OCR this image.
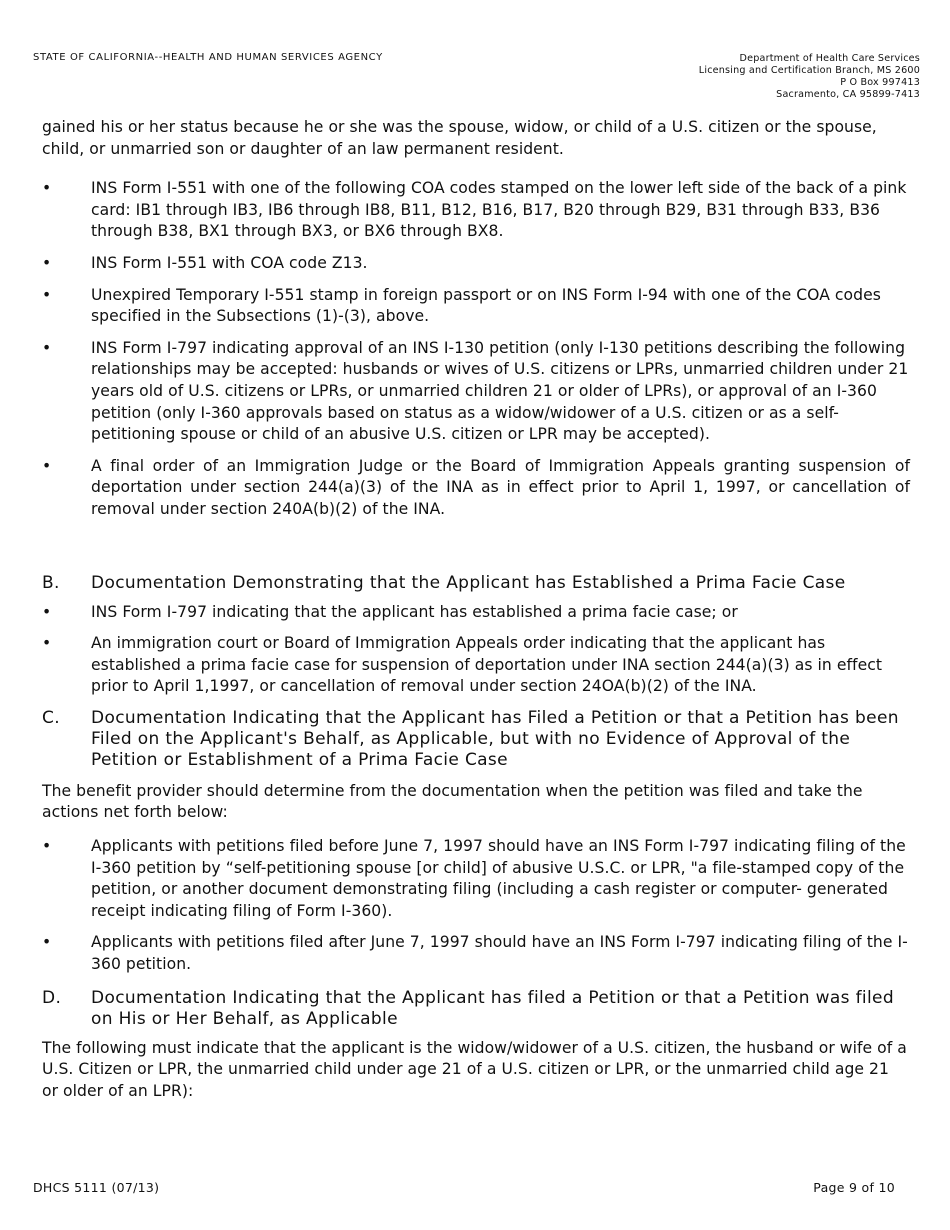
STATE OF CALIFORNIA--HEALTH AND HUMAN SERVICES AGENCY	Department of Health Care Services
Licensing and Certification Branch, MS 2600
P O Box 997413
Sacramento, CA 95899-7413

gained his or her status because he or she was the spouse, widow, or child of a U.S. citizen or the spouse, child, or unmarried son or daughter of an law permanent resident.

•	INS Form I-551 with one of the following COA codes stamped on the lower left side of the back of a pink card: IB1 through IB3, IB6 through IB8, B11, B12, B16, B17, B20 through B29, B31 through B33, B36 through B38, BX1 through BX3, or BX6 through BX8.
•	INS Form I-551 with COA code Z13.
•	Unexpired Temporary I-551 stamp in foreign passport or on INS Form I-94 with one of the COA codes specified in the Subsections (1)-(3), above.
•	INS Form I-797 indicating approval of an INS I-130 petition (only I-130 petitions describing the following relationships may be accepted: husbands or wives of U.S. citizens or LPRs, unmarried children under 21 years old of U.S. citizens or LPRs, or unmarried children 21 or older of LPRs), or approval of an I-360 petition (only I-360 approvals based on status as a widow/widower of a U.S. citizen or as a self-petitioning spouse or child of an abusive U.S. citizen or LPR may be accepted).
•	A final order of an Immigration Judge or the Board of Immigration Appeals granting suspension of deportation under section 244(a)(3) of the INA as in effect prior to April 1, 1997, or cancellation of removal under section 240A(b)(2) of the INA.
B.	Documentation Demonstrating that the Applicant has Established a Prima Facie Case
•	INS Form I-797 indicating that the applicant has established a prima facie case; or
•	An immigration court or Board of Immigration Appeals order indicating that the applicant has established a prima facie case for suspension of deportation under INA section 244(a)(3) as in effect prior to April 1,1997, or cancellation of removal under section 24OA(b)(2) of the INA.
C.	Documentation Indicating that the Applicant has Filed a Petition or that a Petition has been Filed on the Applicant's Behalf, as Applicable, but with no Evidence of Approval of the Petition or Establishment of a Prima Facie Case

The benefit provider should determine from the documentation when the petition was filed and take the actions net forth below:

•	Applicants with petitions filed before June 7, 1997 should have an INS Form I-797 indicating filing of the I-360 petition by “self-petitioning spouse [or child] of abusive U.S.C. or LPR, "a file-stamped copy of the petition, or another document demonstrating filing (including a cash register or computer- generated receipt indicating filing of Form I-360).
•	Applicants with petitions filed after June 7, 1997 should have an INS Form I-797 indicating filing of the I-360 petition.
D.	Documentation Indicating that the Applicant has filed a Petition or that a Petition was filed on His or Her Behalf, as Applicable

The following must indicate that the applicant is the widow/widower of a U.S. citizen, the husband or wife of a U.S. Citizen or LPR, the unmarried child under age 21 of a U.S. citizen or LPR, or the unmarried child age 21 or older of an LPR):

DHCS 5111 (07/13)	Page 9 of 10
